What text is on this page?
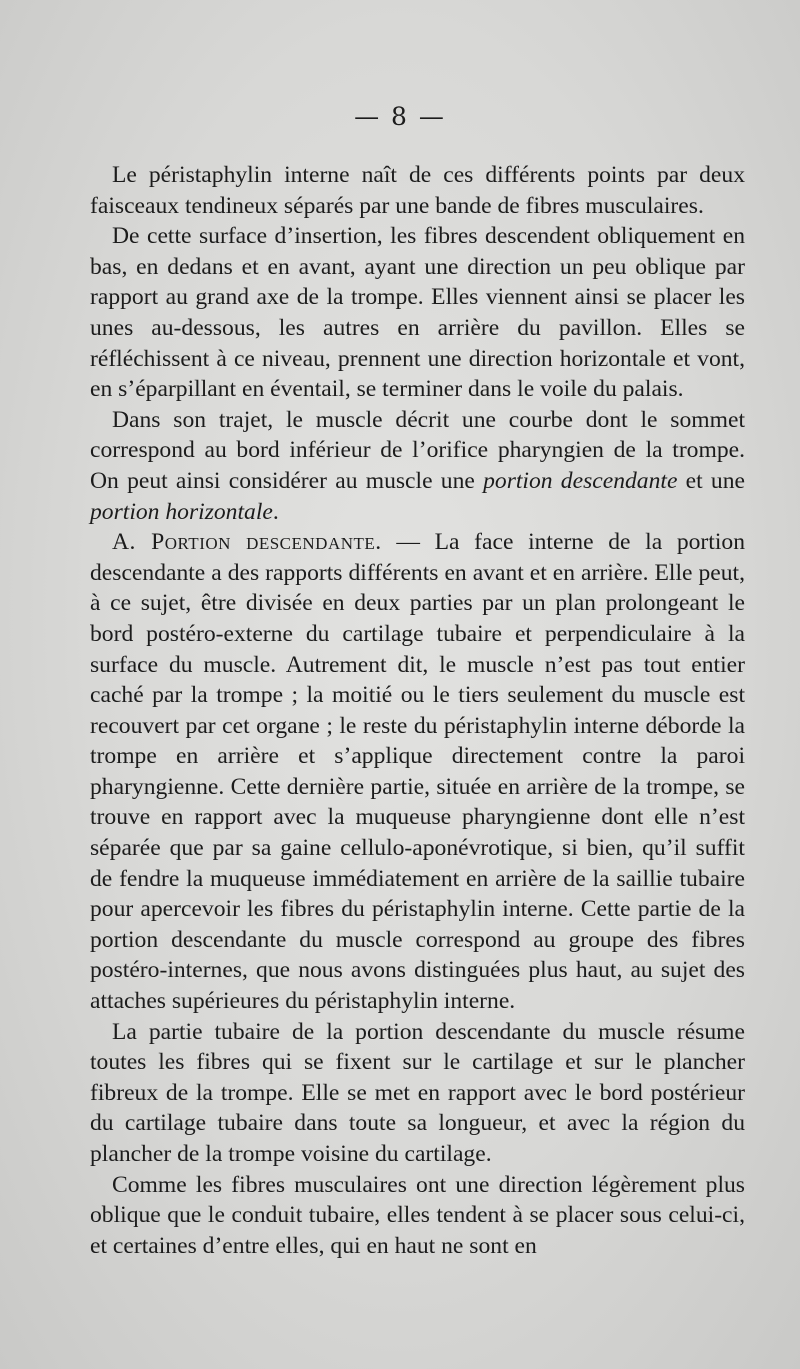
— 8 —

Le péristaphylin interne naît de ces différents points par deux faisceaux tendineux séparés par une bande de fibres musculaires.

De cette surface d’insertion, les fibres descendent obliquement en bas, en dedans et en avant, ayant une direction un peu oblique par rapport au grand axe de la trompe. Elles viennent ainsi se placer les unes au-dessous, les autres en arrière du pavillon. Elles se réfléchissent à ce niveau, prennent une direction horizontale et vont, en s’éparpillant en éventail, se terminer dans le voile du palais.

Dans son trajet, le muscle décrit une courbe dont le sommet correspond au bord inférieur de l’orifice pharyngien de la trompe. On peut ainsi considérer au muscle une portion descendante et une portion horizontale.

A. Portion descendante. — La face interne de la portion descendante a des rapports différents en avant et en arrière. Elle peut, à ce sujet, être divisée en deux parties par un plan prolongeant le bord postéro-externe du cartilage tubaire et perpendiculaire à la surface du muscle. Autrement dit, le muscle n’est pas tout entier caché par la trompe ; la moitié ou le tiers seulement du muscle est recouvert par cet organe ; le reste du péristaphylin interne déborde la trompe en arrière et s’applique directement contre la paroi pharyngienne. Cette dernière partie, située en arrière de la trompe, se trouve en rapport avec la muqueuse pharyngienne dont elle n’est séparée que par sa gaine cellulo-aponévrotique, si bien, qu’il suffit de fendre la muqueuse immédiatement en arrière de la saillie tubaire pour apercevoir les fibres du péristaphylin interne. Cette partie de la portion descendante du muscle correspond au groupe des fibres postéro-internes, que nous avons distinguées plus haut, au sujet des attaches supérieures du péristaphylin interne.

La partie tubaire de la portion descendante du muscle résume toutes les fibres qui se fixent sur le cartilage et sur le plancher fibreux de la trompe. Elle se met en rapport avec le bord postérieur du cartilage tubaire dans toute sa longueur, et avec la région du plancher de la trompe voisine du cartilage.

Comme les fibres musculaires ont une direction légèrement plus oblique que le conduit tubaire, elles tendent à se placer sous celui-ci, et certaines d’entre elles, qui en haut ne sont en
